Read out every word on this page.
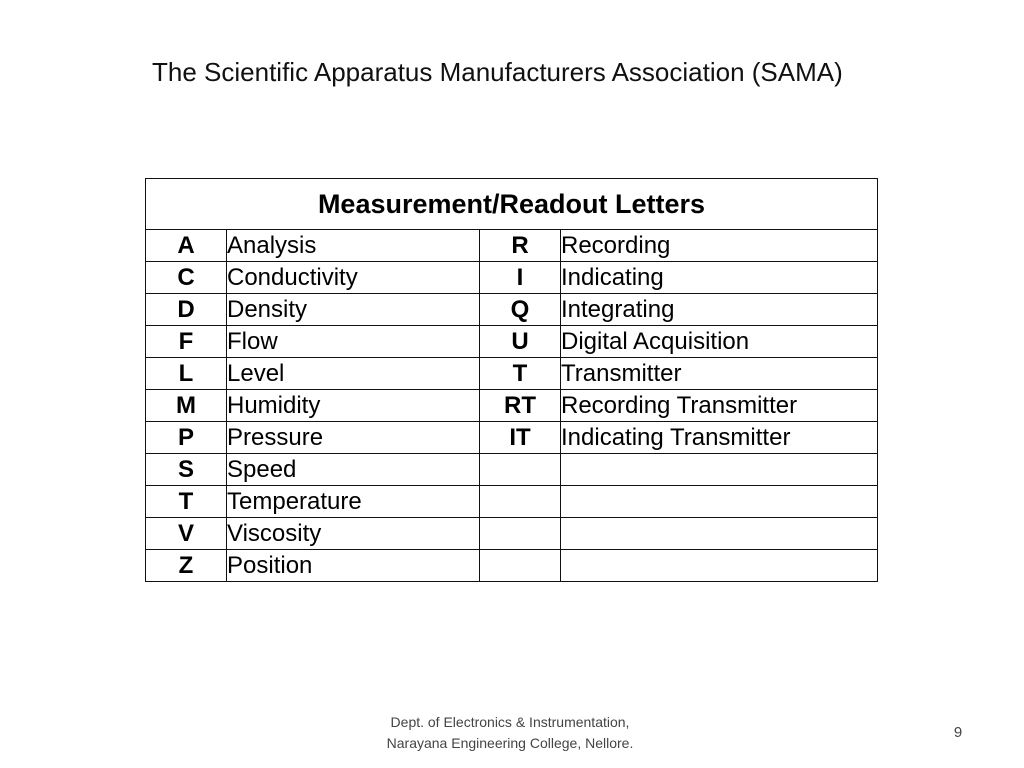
The Scientific Apparatus Manufacturers Association (SAMA)
Measurement/Readout Letters			
A	Analysis	R	Recording
C	Conductivity	I	Indicating
D	Density	Q	Integrating
F	Flow	U	Digital Acquisition
L	Level	T	Transmitter
M	Humidity	RT	Recording Transmitter
P	Pressure	IT	Indicating Transmitter
S	Speed		
T	Temperature		
V	Viscosity		
Z	Position		
Dept. of Electronics & Instrumentation,
Narayana Engineering College, Nellore.
9
